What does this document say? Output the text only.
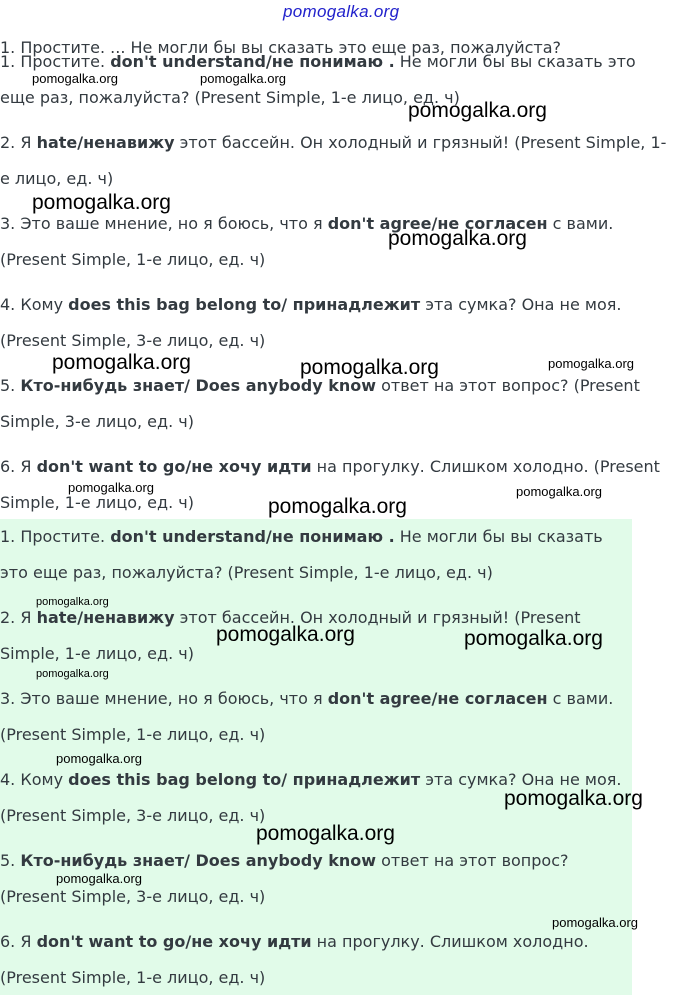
pomogalka.org
1. Простите. ... Не могли бы вы сказать это еще раз, пожалуйста?

1. Простите. don't understand/не понимаю . Не могли бы вы сказать это еще раз, пожалуйста? (Present Simple, 1-е лицо, ед. ч)

2. Я hate/ненавижу этот бассейн. Он холодный и грязный! (Present Simple, 1-е лицо, ед. ч)

3. Это ваше мнение, но я боюсь, что я don't agree/не согласен с вами. (Present Simple, 1-е лицо, ед. ч)

4. Кому does this bag belong to/ принадлежит эта сумка? Она не моя. (Present Simple, 3-е лицо, ед. ч)

5. Кто-нибудь знает/ Does anybody know ответ на этот вопрос? (Present Simple, 3-е лицо, ед. ч)

6. Я don't want to go/не хочу идти на прогулку. Слишком холодно. (Present Simple, 1-е лицо, ед. ч)

1. Простите. don't understand/не понимаю . Не могли бы вы сказать это еще раз, пожалуйста? (Present Simple, 1-е лицо, ед. ч)

2. Я hate/ненавижу этот бассейн. Он холодный и грязный! (Present Simple, 1-е лицо, ед. ч)

3. Это ваше мнение, но я боюсь, что я don't agree/не согласен с вами. (Present Simple, 1-е лицо, ед. ч)

4. Кому does this bag belong to/ принадлежит эта сумка? Она не моя. (Present Simple, 3-е лицо, ед. ч)

5. Кто-нибудь знает/ Does anybody know ответ на этот вопрос? (Present Simple, 3-е лицо, ед. ч)

6. Я don't want to go/не хочу идти на прогулку. Слишком холодно. (Present Simple, 1-е лицо, ед. ч)

pomogalka.org	pomogalka.org
pomogalka.org
pomogalka.org
pomogalka.org
pomogalka.org	pomogalka.org	pomogalka.org
pomogalka.org	pomogalka.org
pomogalka.org
pomogalka.org
pomogalka.org	pomogalka.org
pomogalka.org
pomogalka.org
pomogalka.org
pomogalka.org
pomogalka.org
pomogalka.org
